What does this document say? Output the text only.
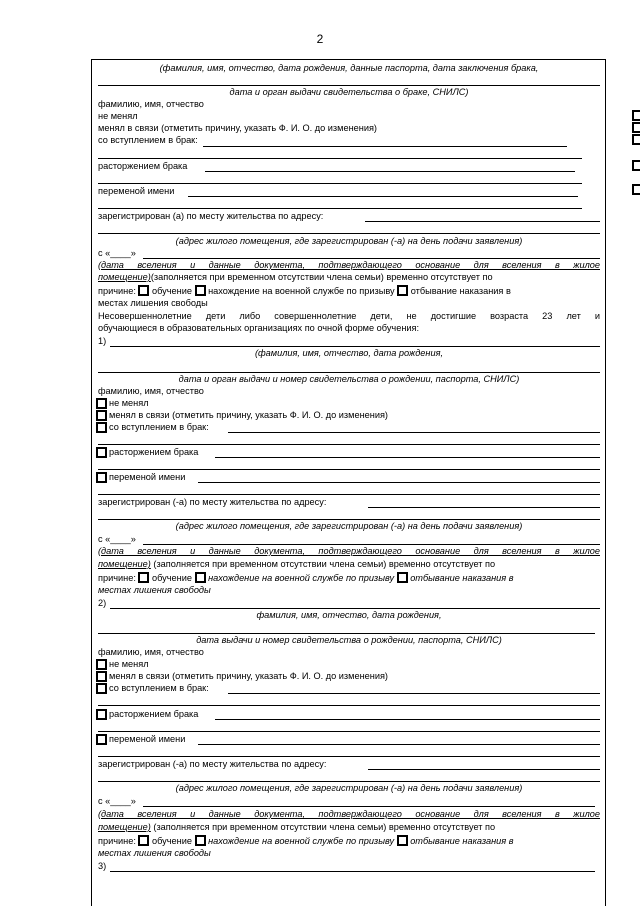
2
(фамилия, имя, отчество, дата рождения, данные паспорта, дата заключения брака,
дата и орган выдачи свидетельства о браке, СНИЛС)
фамилию, имя, отчество
не менял
менял в связи (отметить причину, указать Ф. И. О. до изменения)
со вступлением в брак:
расторжением брака
переменой имени
зарегистрирован (а) по месту жительства по адресу:
(адрес жилого помещения, где зарегистрирован (-а) на день подачи заявления)
с «____»
(дата вселения и данные документа, подтверждающего основание для вселения в жилое
помещение)(заполняется при временном отсутствии члена семьи) временно отсутствует по
причине: обучение нахождение на военной службе по призыву отбывание наказания в
местах лишения свободы
Несовершеннолетние дети либо совершеннолетние дети, не достигшие возраста 23 лет и
обучающиеся в образовательных организациях по очной форме обучения:
1)
(фамилия, имя, отчество, дата рождения,
дата и орган выдачи и номер свидетельства о рождении, паспорта, СНИЛС)
фамилию, имя, отчество
не менял
менял в связи (отметить причину, указать Ф. И. О. до изменения)
со вступлением в брак:
расторжением брака
переменой имени
зарегистрирован (-а) по месту жительства по адресу:
(адрес жилого помещения, где зарегистрирован (-а) на день подачи заявления)
с «____»
(дата вселения и данные документа, подтверждающего основание для вселения в жилое
помещение) (заполняется при временном отсутствии члена семьи) временно отсутствует по
причине: обучение нахождение на военной службе по призыву отбывание наказания в
местах лишения свободы
2)
фамилия, имя, отчество, дата рождения,
дата выдачи и номер свидетельства о рождении, паспорта, СНИЛС)
фамилию, имя, отчество
не менял
менял в связи (отметить причину, указать Ф. И. О. до изменения)
со вступлением в брак:
расторжением брака
переменой имени
зарегистрирован (-а) по месту жительства по адресу:
(адрес жилого помещения, где зарегистрирован (-а) на день подачи заявления)
с «____»
(дата вселения и данные документа, подтверждающего основание для вселения в жилое
помещение) (заполняется при временном отсутствии члена семьи) временно отсутствует по
причине: обучение нахождение на военной службе по призыву отбывание наказания в
местах лишения свободы
3)
